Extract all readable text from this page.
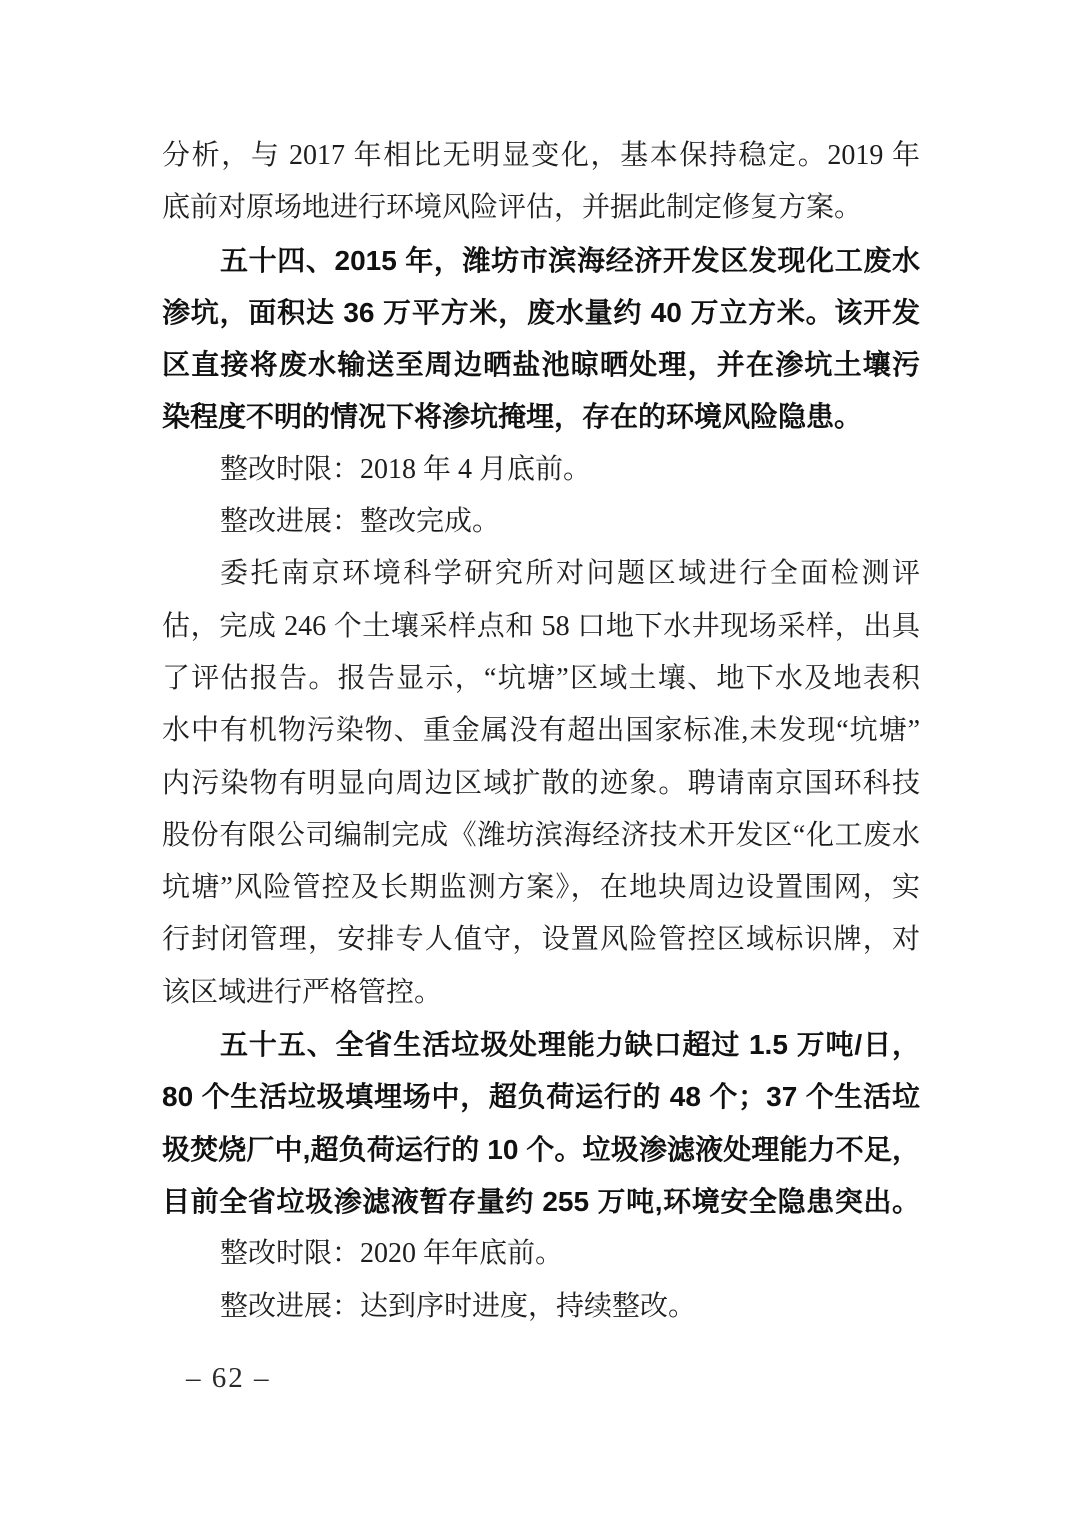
分析，与 2017 年相比无明显变化，基本保持稳定。2019 年
底前对原场地进行环境风险评估，并据此制定修复方案。
五十四、2015 年，潍坊市滨海经济开发区发现化工废水
渗坑，面积达 36 万平方米，废水量约 40 万立方米。该开发
区直接将废水输送至周边晒盐池晾晒处理，并在渗坑土壤污
染程度不明的情况下将渗坑掩埋，存在的环境风险隐患。
整改时限：2018 年 4 月底前。
整改进展：整改完成。
委托南京环境科学研究所对问题区域进行全面检测评
估，完成 246 个土壤采样点和 58 口地下水井现场采样，出具
了评估报告。报告显示，“坑塘”区域土壤、地下水及地表积
水中有机物污染物、重金属没有超出国家标准,未发现“坑塘”
内污染物有明显向周边区域扩散的迹象。聘请南京国环科技
股份有限公司编制完成《潍坊滨海经济技术开发区“化工废水
坑塘”风险管控及长期监测方案》，在地块周边设置围网，实
行封闭管理，安排专人值守，设置风险管控区域标识牌，对
该区域进行严格管控。
五十五、全省生活垃圾处理能力缺口超过 1.5 万吨/日，
80 个生活垃圾填埋场中，超负荷运行的 48 个；37 个生活垃
圾焚烧厂中,超负荷运行的 10 个。垃圾渗滤液处理能力不足，
目前全省垃圾渗滤液暂存量约 255 万吨,环境安全隐患突出。
整改时限：2020 年年底前。
整改进展：达到序时进度，持续整改。
– 62 –
